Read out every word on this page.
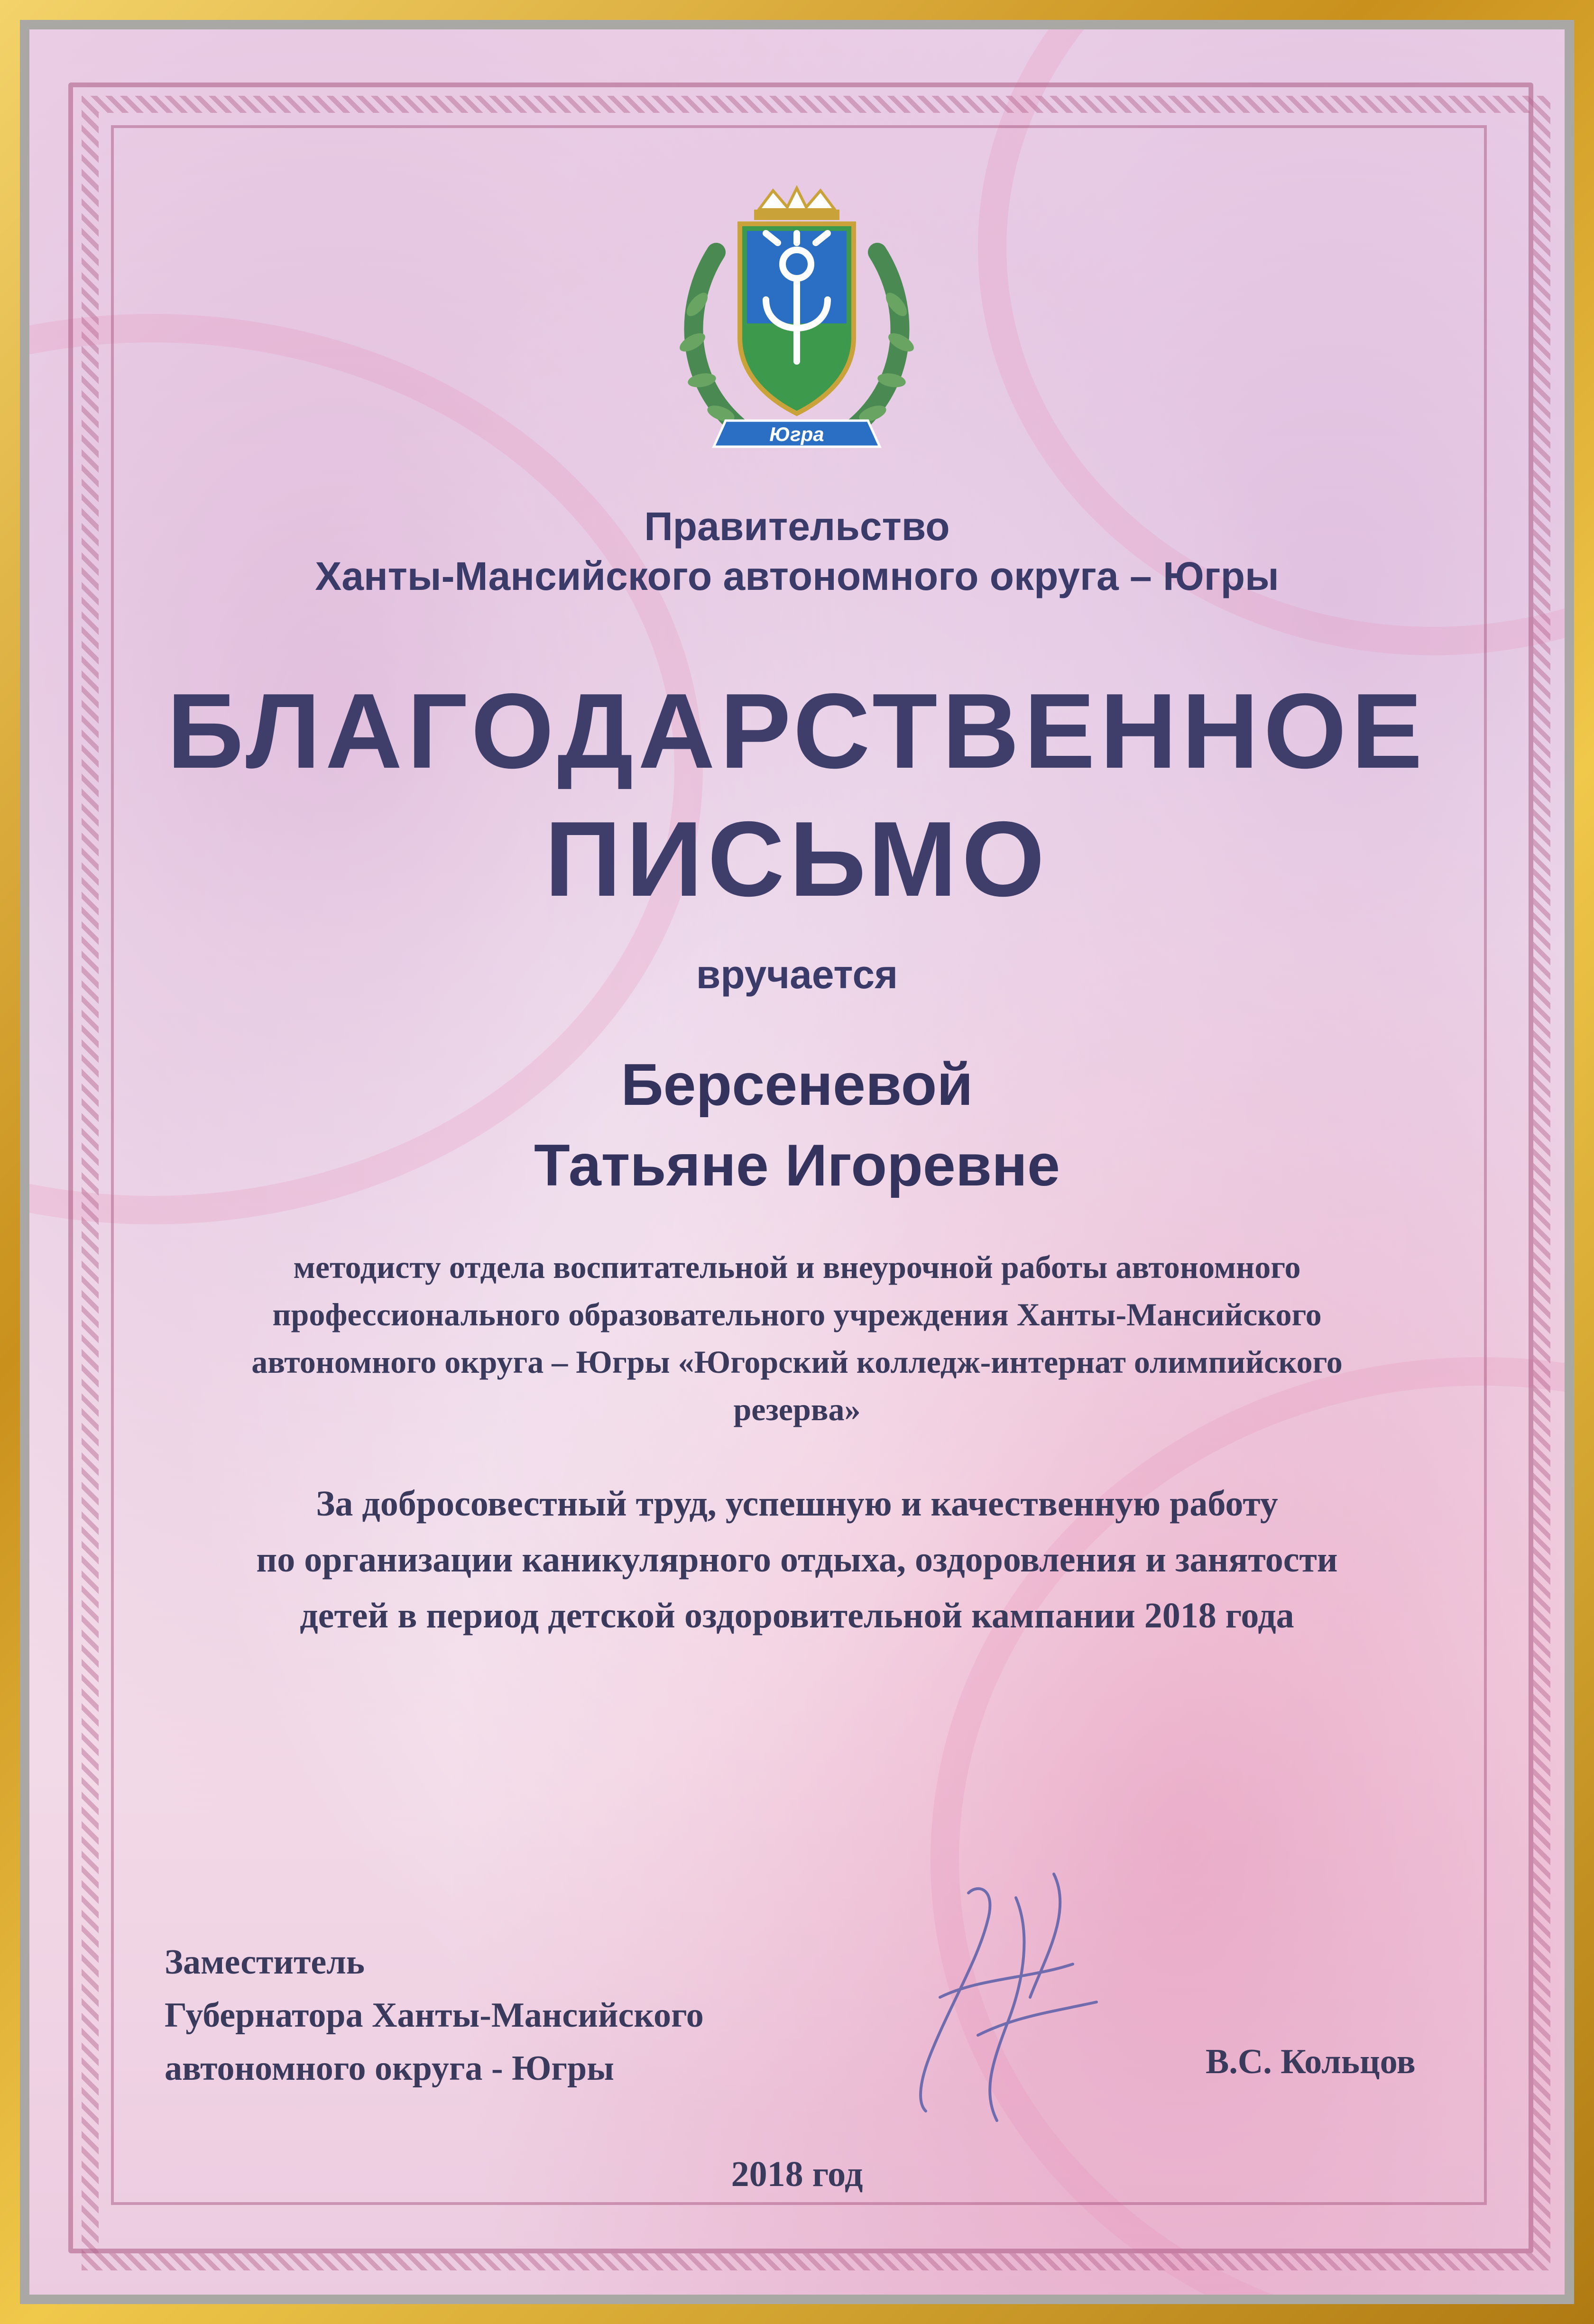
Югра
Правительство
Ханты-Мансийского автономного округа – Югры
БЛАГОДАРСТВЕННОЕ
ПИСЬМО
вручается
Берсеневой
Татьяне Игоревне
методисту отдела воспитательной и внеурочной работы автономного
профессионального образовательного учреждения Ханты-Мансийского
автономного округа – Югры «Югорский колледж-интернат олимпийского
резерва»
За добросовестный труд, успешную и качественную работу
по организации каникулярного отдыха, оздоровления и занятости
детей в период детской оздоровительной кампании 2018 года
Заместитель
Губернатора Ханты-Мансийского
автономного округа - Югры	В.С. Кольцов
2018 год
